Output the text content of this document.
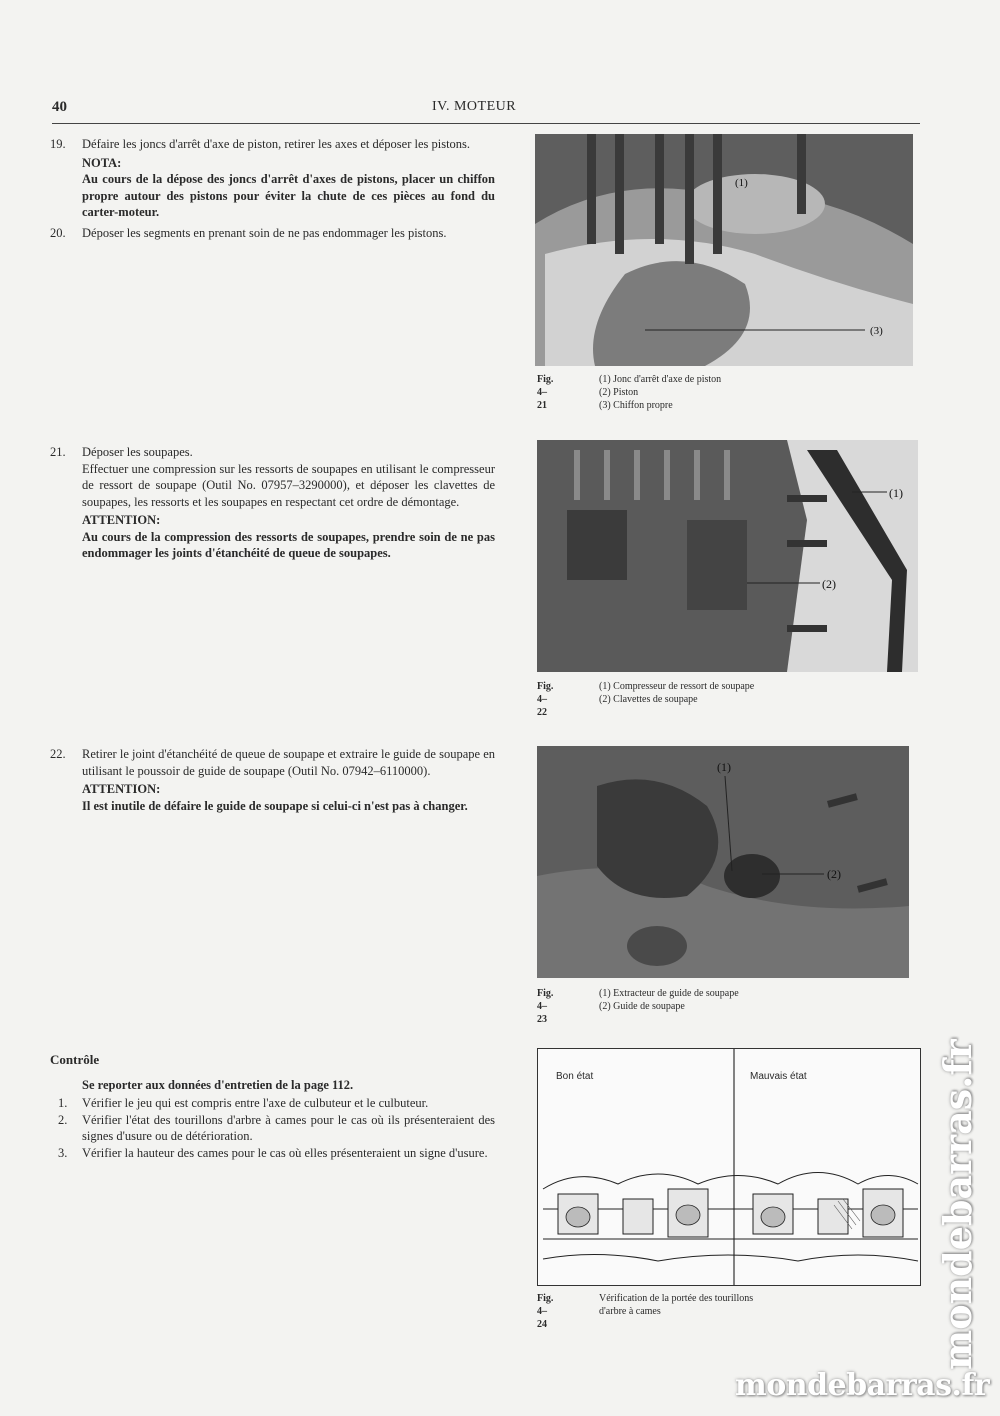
40	IV. MOTEUR

19. Défaire les joncs d'arrêt d'axe de piston, retirer les axes et déposer les pistons.

NOTA:

Au cours de la dépose des joncs d'arrêt d'axes de pistons, placer un chiffon propre autour des pistons pour éviter la chute de ces pièces au fond du carter-moteur.

20. Déposer les segments en prenant soin de ne pas endommager les pistons.

(3)
(1)
Fig. 4–21
(1) Jonc d'arrêt d'axe de piston
(2) Piston
(3) Chiffon propre

21. Déposer les soupapes.

Effectuer une compression sur les ressorts de soupapes en utilisant le compresseur de ressort de soupape (Outil No. 07957–3290000), et déposer les clavettes de soupapes, les ressorts et les soupapes en respectant cet ordre de démontage.

ATTENTION:

Au cours de la compression des ressorts de soupapes, prendre soin de ne pas endommager les joints d'étanchéité de queue de soupapes.

(2)
(1)
Fig. 4–22
(1) Compresseur de ressort de soupape
(2) Clavettes de soupape

22. Retirer le joint d'étanchéité de queue de soupape et extraire le guide de soupape en utilisant le poussoir de guide de soupape (Outil No. 07942–6110000).

ATTENTION:

Il est inutile de défaire le guide de soupape si celui-ci n'est pas à changer.

(1)
(2)
Fig. 4–23
(1) Extracteur de guide de soupape
(2) Guide de soupape

Contrôle

Se reporter aux données d'entretien de la page 112.

1. Vérifier le jeu qui est compris entre l'axe de culbuteur et le culbuteur.

2. Vérifier l'état des tourillons d'arbre à cames pour le cas où ils présenteraient des signes d'usure ou de détérioration.

3. Vérifier la hauteur des cames pour le cas où elles présenteraient un signe d'usure.

Bon état	Mauvais état
Fig. 4–24
Vérification de la portée des tourillons
d'arbre à cames	mondebarras.fr
mondebarras.fr
